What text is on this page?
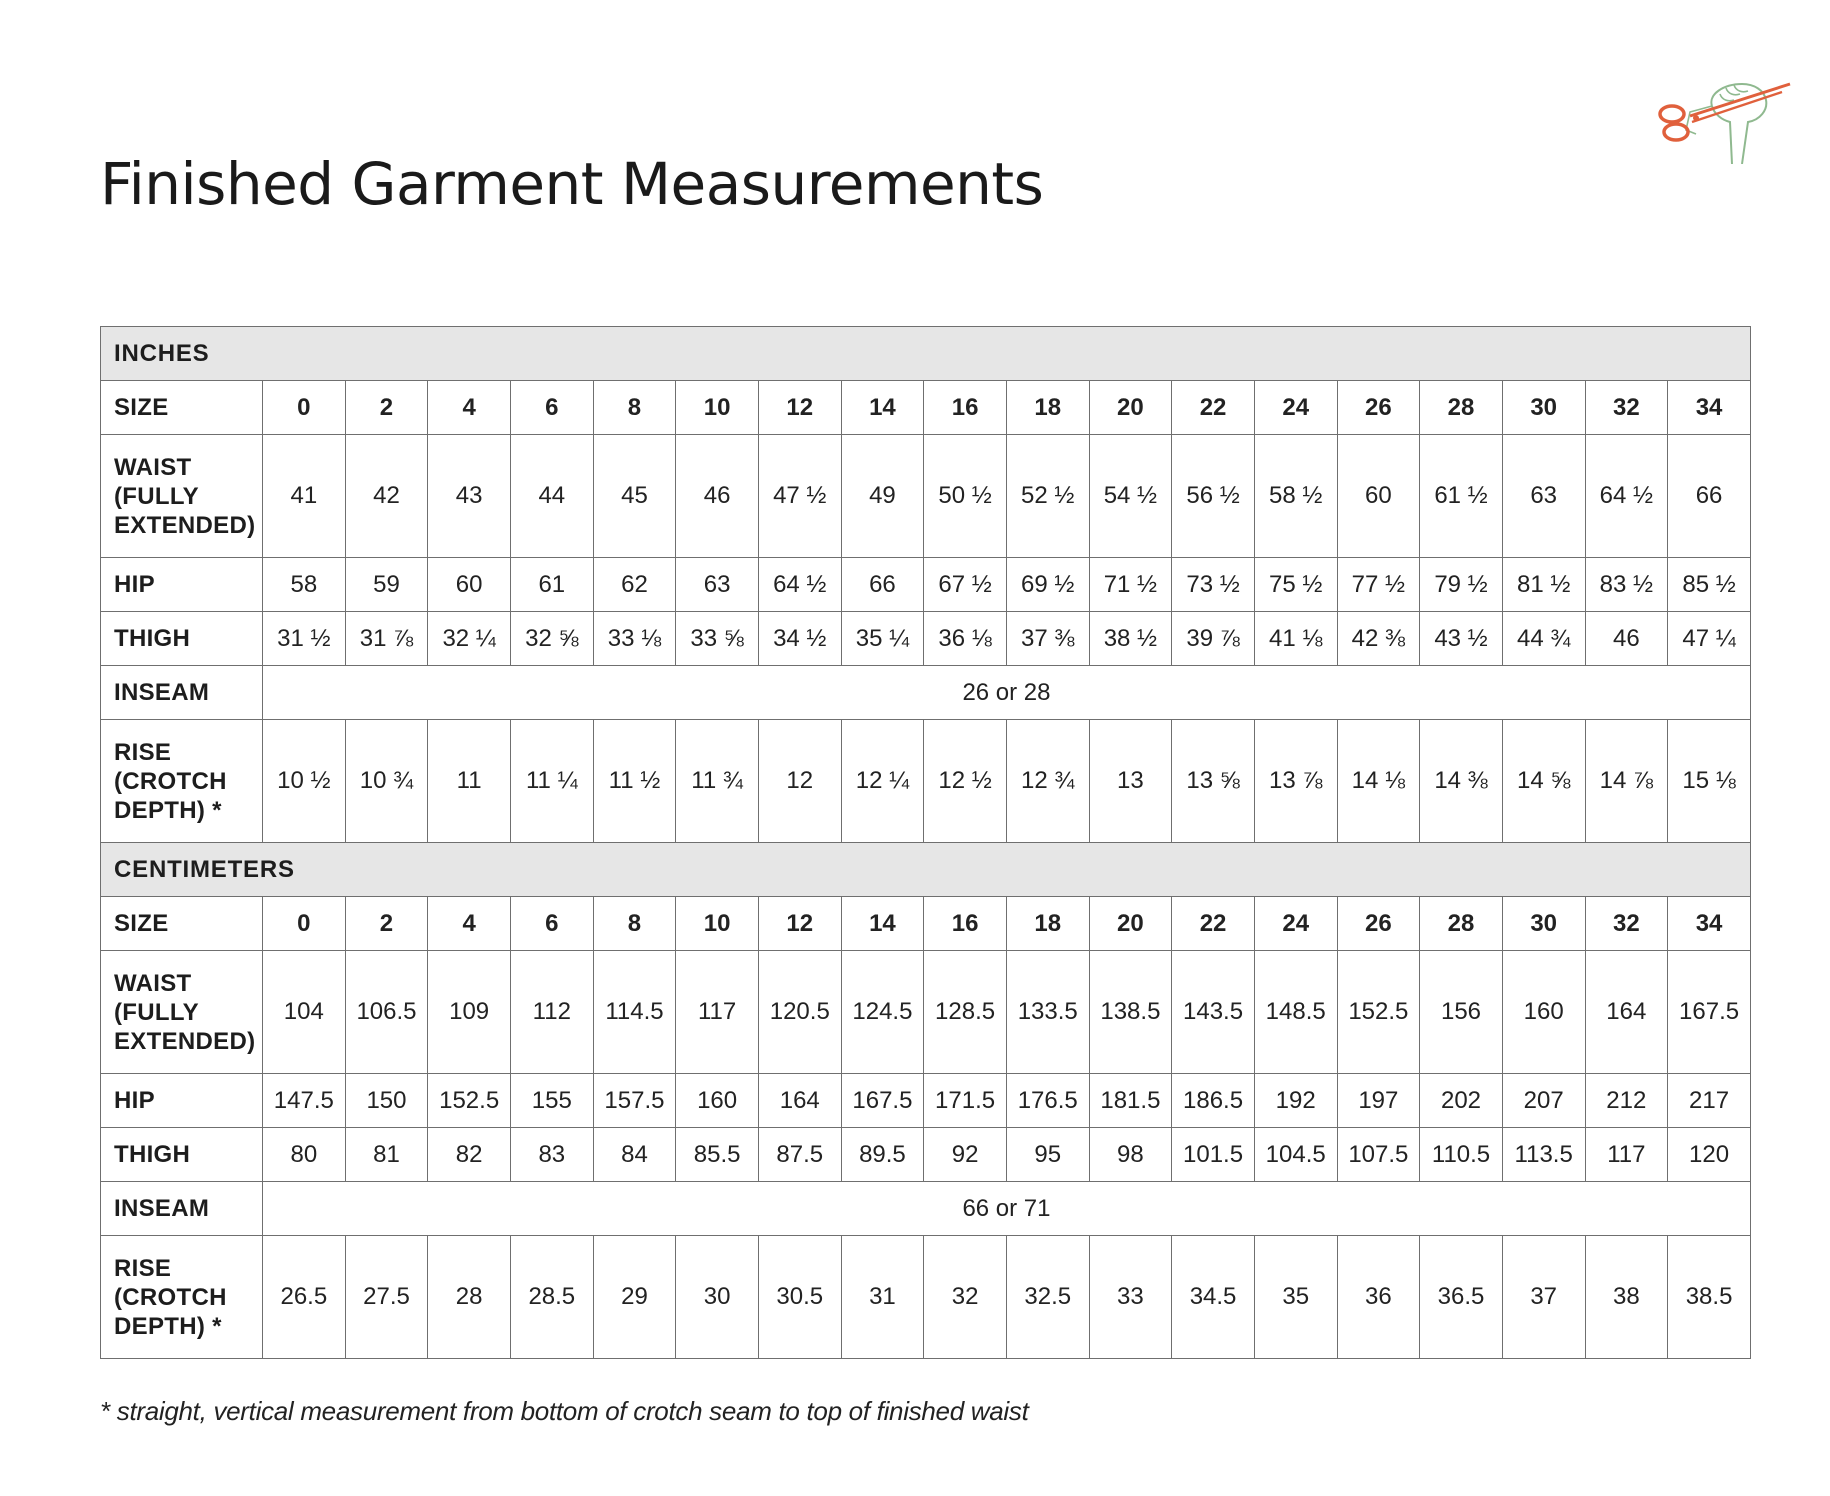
Finished Garment Measurements
INCHES																		
SIZE	0	2	4	6	8	10	12	14	16	18	20	22	24	26	28	30	32	34
WAIST (FULLY EXTENDED)	41	42	43	44	45	46	47 ½	49	50 ½	52 ½	54 ½	56 ½	58 ½	60	61 ½	63	64 ½	66
HIP	58	59	60	61	62	63	64 ½	66	67 ½	69 ½	71 ½	73 ½	75 ½	77 ½	79 ½	81 ½	83 ½	85 ½
THIGH	31 ½	31 ⅞	32 ¼	32 ⅝	33 ⅛	33 ⅝	34 ½	35 ¼	36 ⅛	37 ⅜	38 ½	39 ⅞	41 ⅛	42 ⅜	43 ½	44 ¾	46	47 ¼
INSEAM	26 or 28																	
RISE (CROTCH DEPTH) *	10 ½	10 ¾	11	11 ¼	11 ½	11 ¾	12	12 ¼	12 ½	12 ¾	13	13 ⅝	13 ⅞	14 ⅛	14 ⅜	14 ⅝	14 ⅞	15 ⅛
CENTIMETERS																		
SIZE	0	2	4	6	8	10	12	14	16	18	20	22	24	26	28	30	32	34
WAIST (FULLY EXTENDED)	104	106.5	109	112	114.5	117	120.5	124.5	128.5	133.5	138.5	143.5	148.5	152.5	156	160	164	167.5
HIP	147.5	150	152.5	155	157.5	160	164	167.5	171.5	176.5	181.5	186.5	192	197	202	207	212	217
THIGH	80	81	82	83	84	85.5	87.5	89.5	92	95	98	101.5	104.5	107.5	110.5	113.5	117	120
INSEAM	66 or 71																	
RISE (CROTCH DEPTH) *	26.5	27.5	28	28.5	29	30	30.5	31	32	32.5	33	34.5	35	36	36.5	37	38	38.5

* straight, vertical measurement from bottom of crotch seam to top of finished waist
